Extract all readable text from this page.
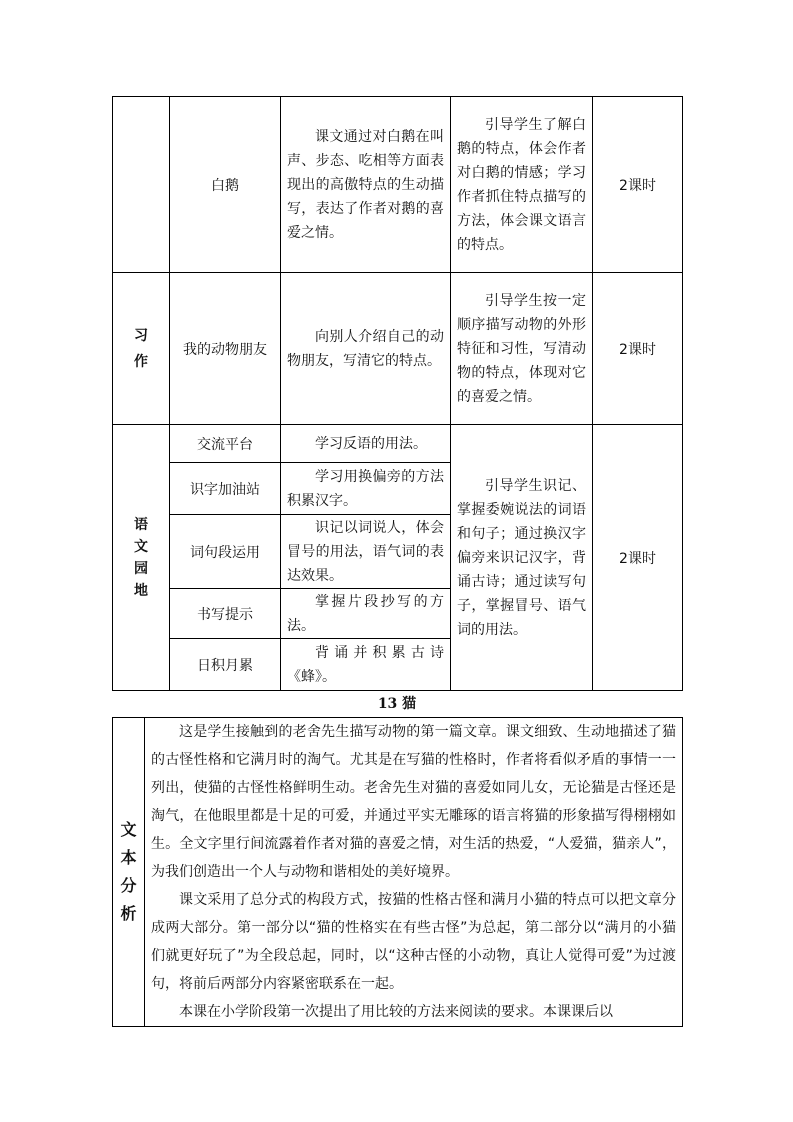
	白鹅	课文通过对白鹅在叫声、步态、吃相等方面表现出的高傲特点的生动描写，表达了作者对鹅的喜爱之情。	引导学生了解白鹅的特点，体会作者对白鹅的情感；学习作者抓住特点描写的方法，体会课文语言的特点。	2课时

习作	我的动物朋友	向别人介绍自己的动物朋友，写清它的特点。	引导学生按一定顺序描写动物的外形特征和习性，写清动物的特点，体现对它的喜爱之情。	2课时

语文园地	交流平台	学习反语的用法。	引导学生识记、掌握委婉说法的词语和句子；通过换汉字偏旁来识记汉字，背诵古诗；通过读写句子，掌握冒号、语气词的用法。	2课时
	识字加油站	学习用换偏旁的方法积累汉字。		

	词句段运用	识记以词说人，体会冒号的用法，语气词的表达效果。		

	书写提示	掌握片段抄写的方法。		

	日积月累	背诵并积累古诗《蜂》。		
13 猫
文
本
分
析

这是学生接触到的老舍先生描写动物的第一篇文章。课文细致、生动地描述了猫的古怪性格和它满月时的淘气。尤其是在写猫的性格时，作者将看似矛盾的事情一一列出，使猫的古怪性格鲜明生动。老舍先生对猫的喜爱如同儿女，无论猫是古怪还是淘气，在他眼里都是十足的可爱，并通过平实无雕琢的语言将猫的形象描写得栩栩如生。全文字里行间流露着作者对猫的喜爱之情，对生活的热爱，“人爱猫，猫亲人”，为我们创造出一个人与动物和谐相处的美好境界。

课文采用了总分式的构段方式，按猫的性格古怪和满月小猫的特点可以把文章分成两大部分。第一部分以“猫的性格实在有些古怪”为总起，第二部分以“满月的小猫们就更好玩了”为全段总起，同时，以“这种古怪的小动物，真让人觉得可爱”为过渡句，将前后两部分内容紧密联系在一起。

本课在小学阶段第一次提出了用比较的方法来阅读的要求。本课课后以
